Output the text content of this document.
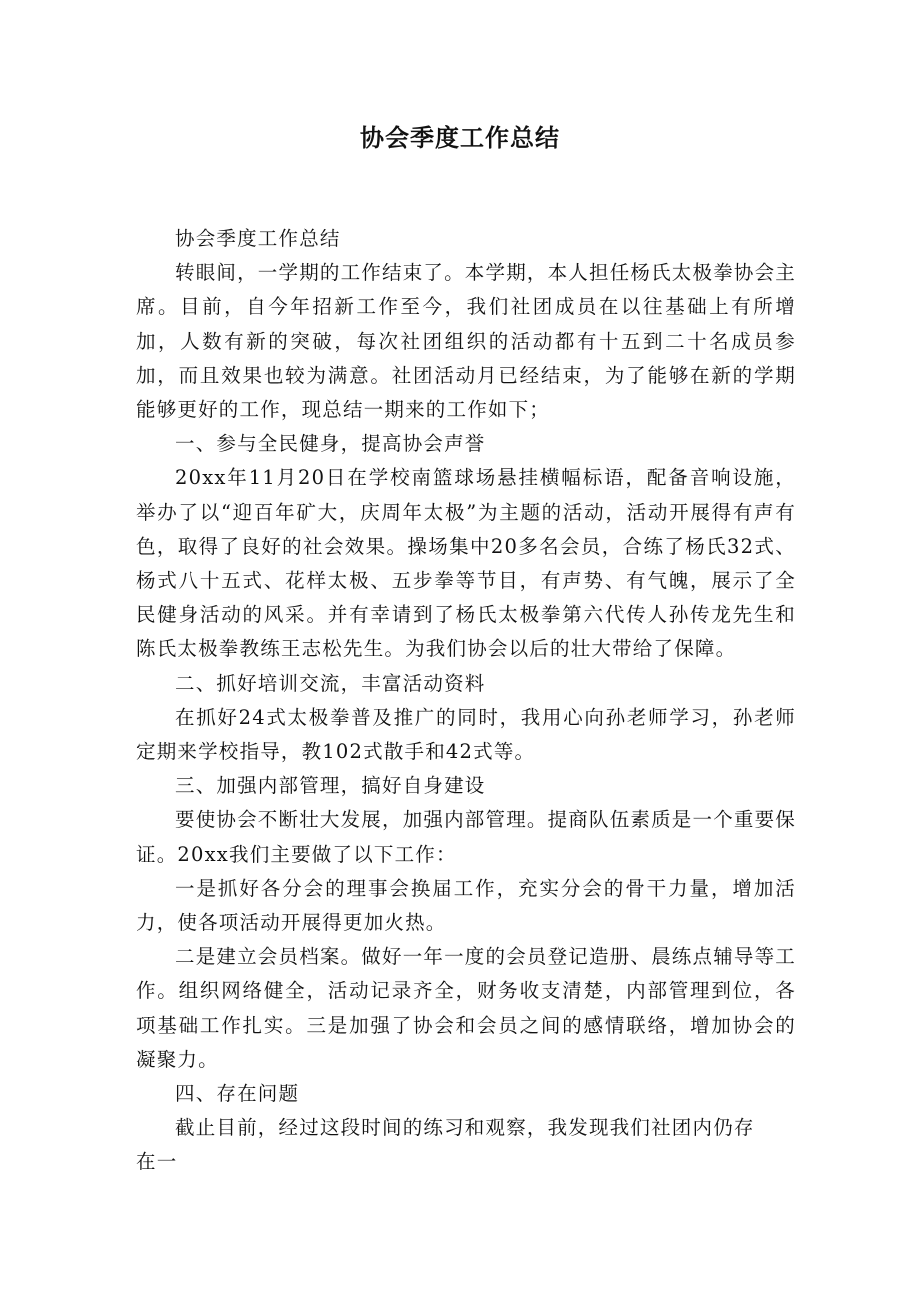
协会季度工作总结

协会季度工作总结

转眼间，一学期的工作结束了。本学期，本人担任杨氏太极拳协会主席。目前，自今年招新工作至今，我们社团成员在以往基础上有所增加，人数有新的突破，每次社团组织的活动都有十五到二十名成员参加，而且效果也较为满意。社团活动月已经结束，为了能够在新的学期能够更好的工作，现总结一期来的工作如下；

一、参与全民健身，提高协会声誉

20xx年11月20日在学校南篮球场悬挂横幅标语，配备音响设施，举办了以“迎百年矿大，庆周年太极”为主题的活动，活动开展得有声有色，取得了良好的社会效果。操场集中20多名会员，合练了杨氏32式、杨式八十五式、花样太极、五步拳等节目，有声势、有气魄，展示了全民健身活动的风采。并有幸请到了杨氏太极拳第六代传人孙传龙先生和陈氏太极拳教练王志松先生。为我们协会以后的壮大带给了保障。

二、抓好培训交流，丰富活动资料

在抓好24式太极拳普及推广的同时，我用心向孙老师学习，孙老师定期来学校指导，教102式散手和42式等。

三、加强内部管理，搞好自身建设

要使协会不断壮大发展，加强内部管理。提商队伍素质是一个重要保证。20xx我们主要做了以下工作：

一是抓好各分会的理事会换届工作，充实分会的骨干力量，增加活力，使各项活动开展得更加火热。

二是建立会员档案。做好一年一度的会员登记造册、晨练点辅导等工作。组织网络健全，活动记录齐全，财务收支清楚，内部管理到位，各项基础工作扎实。三是加强了协会和会员之间的感情联络，增加协会的凝聚力。

四、存在问题

截止目前，经过这段时间的练习和观察，我发现我们社团内仍存

在一
